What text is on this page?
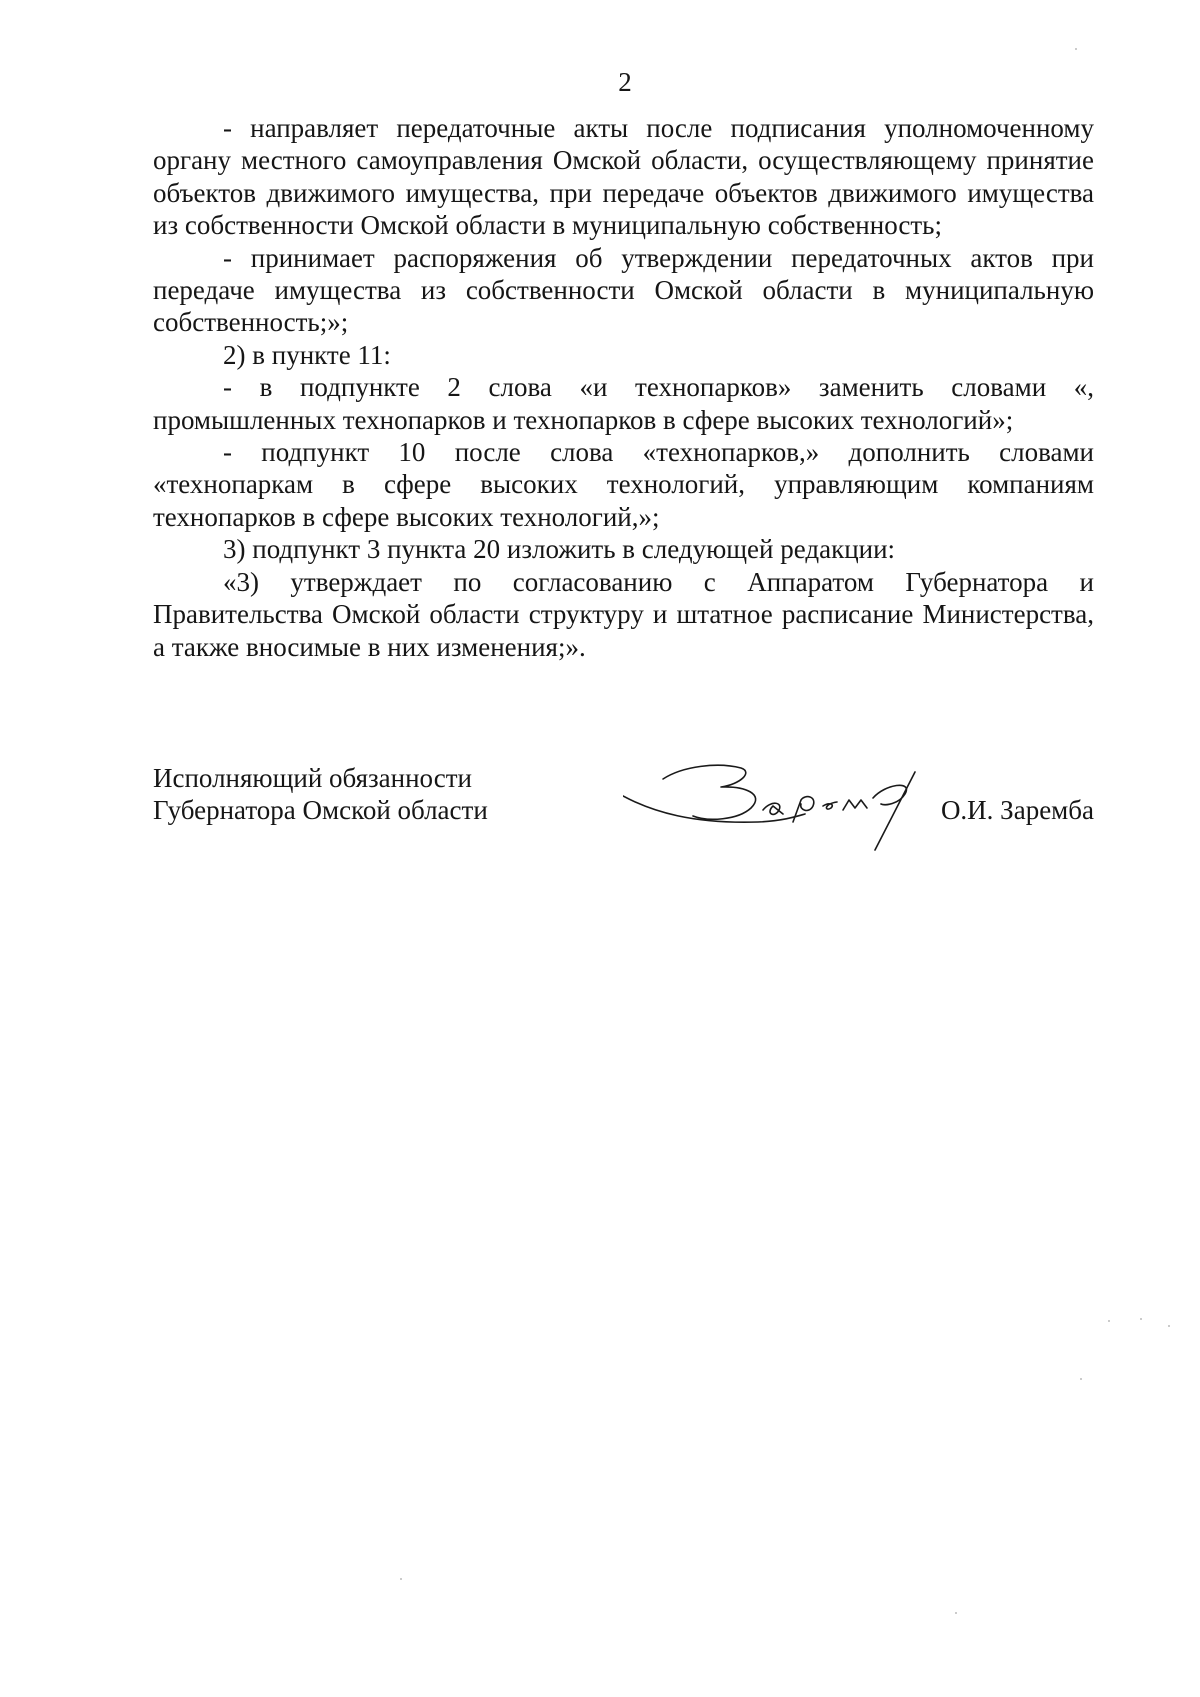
2

- направляет передаточные акты после подписания уполномоченному органу местного самоуправления Омской области, осуществляющему принятие объектов движимого имущества, при передаче объектов движимого имущества из собственности Омской области в муниципальную собственность;

- принимает распоряжения об утверждении передаточных актов при передаче имущества из собственности Омской области в муниципальную собственность;»;

2) в пункте 11:

- в подпункте 2 слова «и технопарков» заменить словами «, промышленных технопарков и технопарков в сфере высоких технологий»;

- подпункт 10 после слова «технопарков,» дополнить словами «технопаркам в сфере высоких технологий, управляющим компаниям технопарков в сфере высоких технологий,»;

3) подпункт 3 пункта 20 изложить в следующей редакции:

«3) утверждает по согласованию с Аппаратом Губернатора и Правительства Омской области структуру и штатное расписание Министерства, а также вносимые в них изменения;».

Исполняющий обязанности
Губернатора Омской области	О.И. Заремба
